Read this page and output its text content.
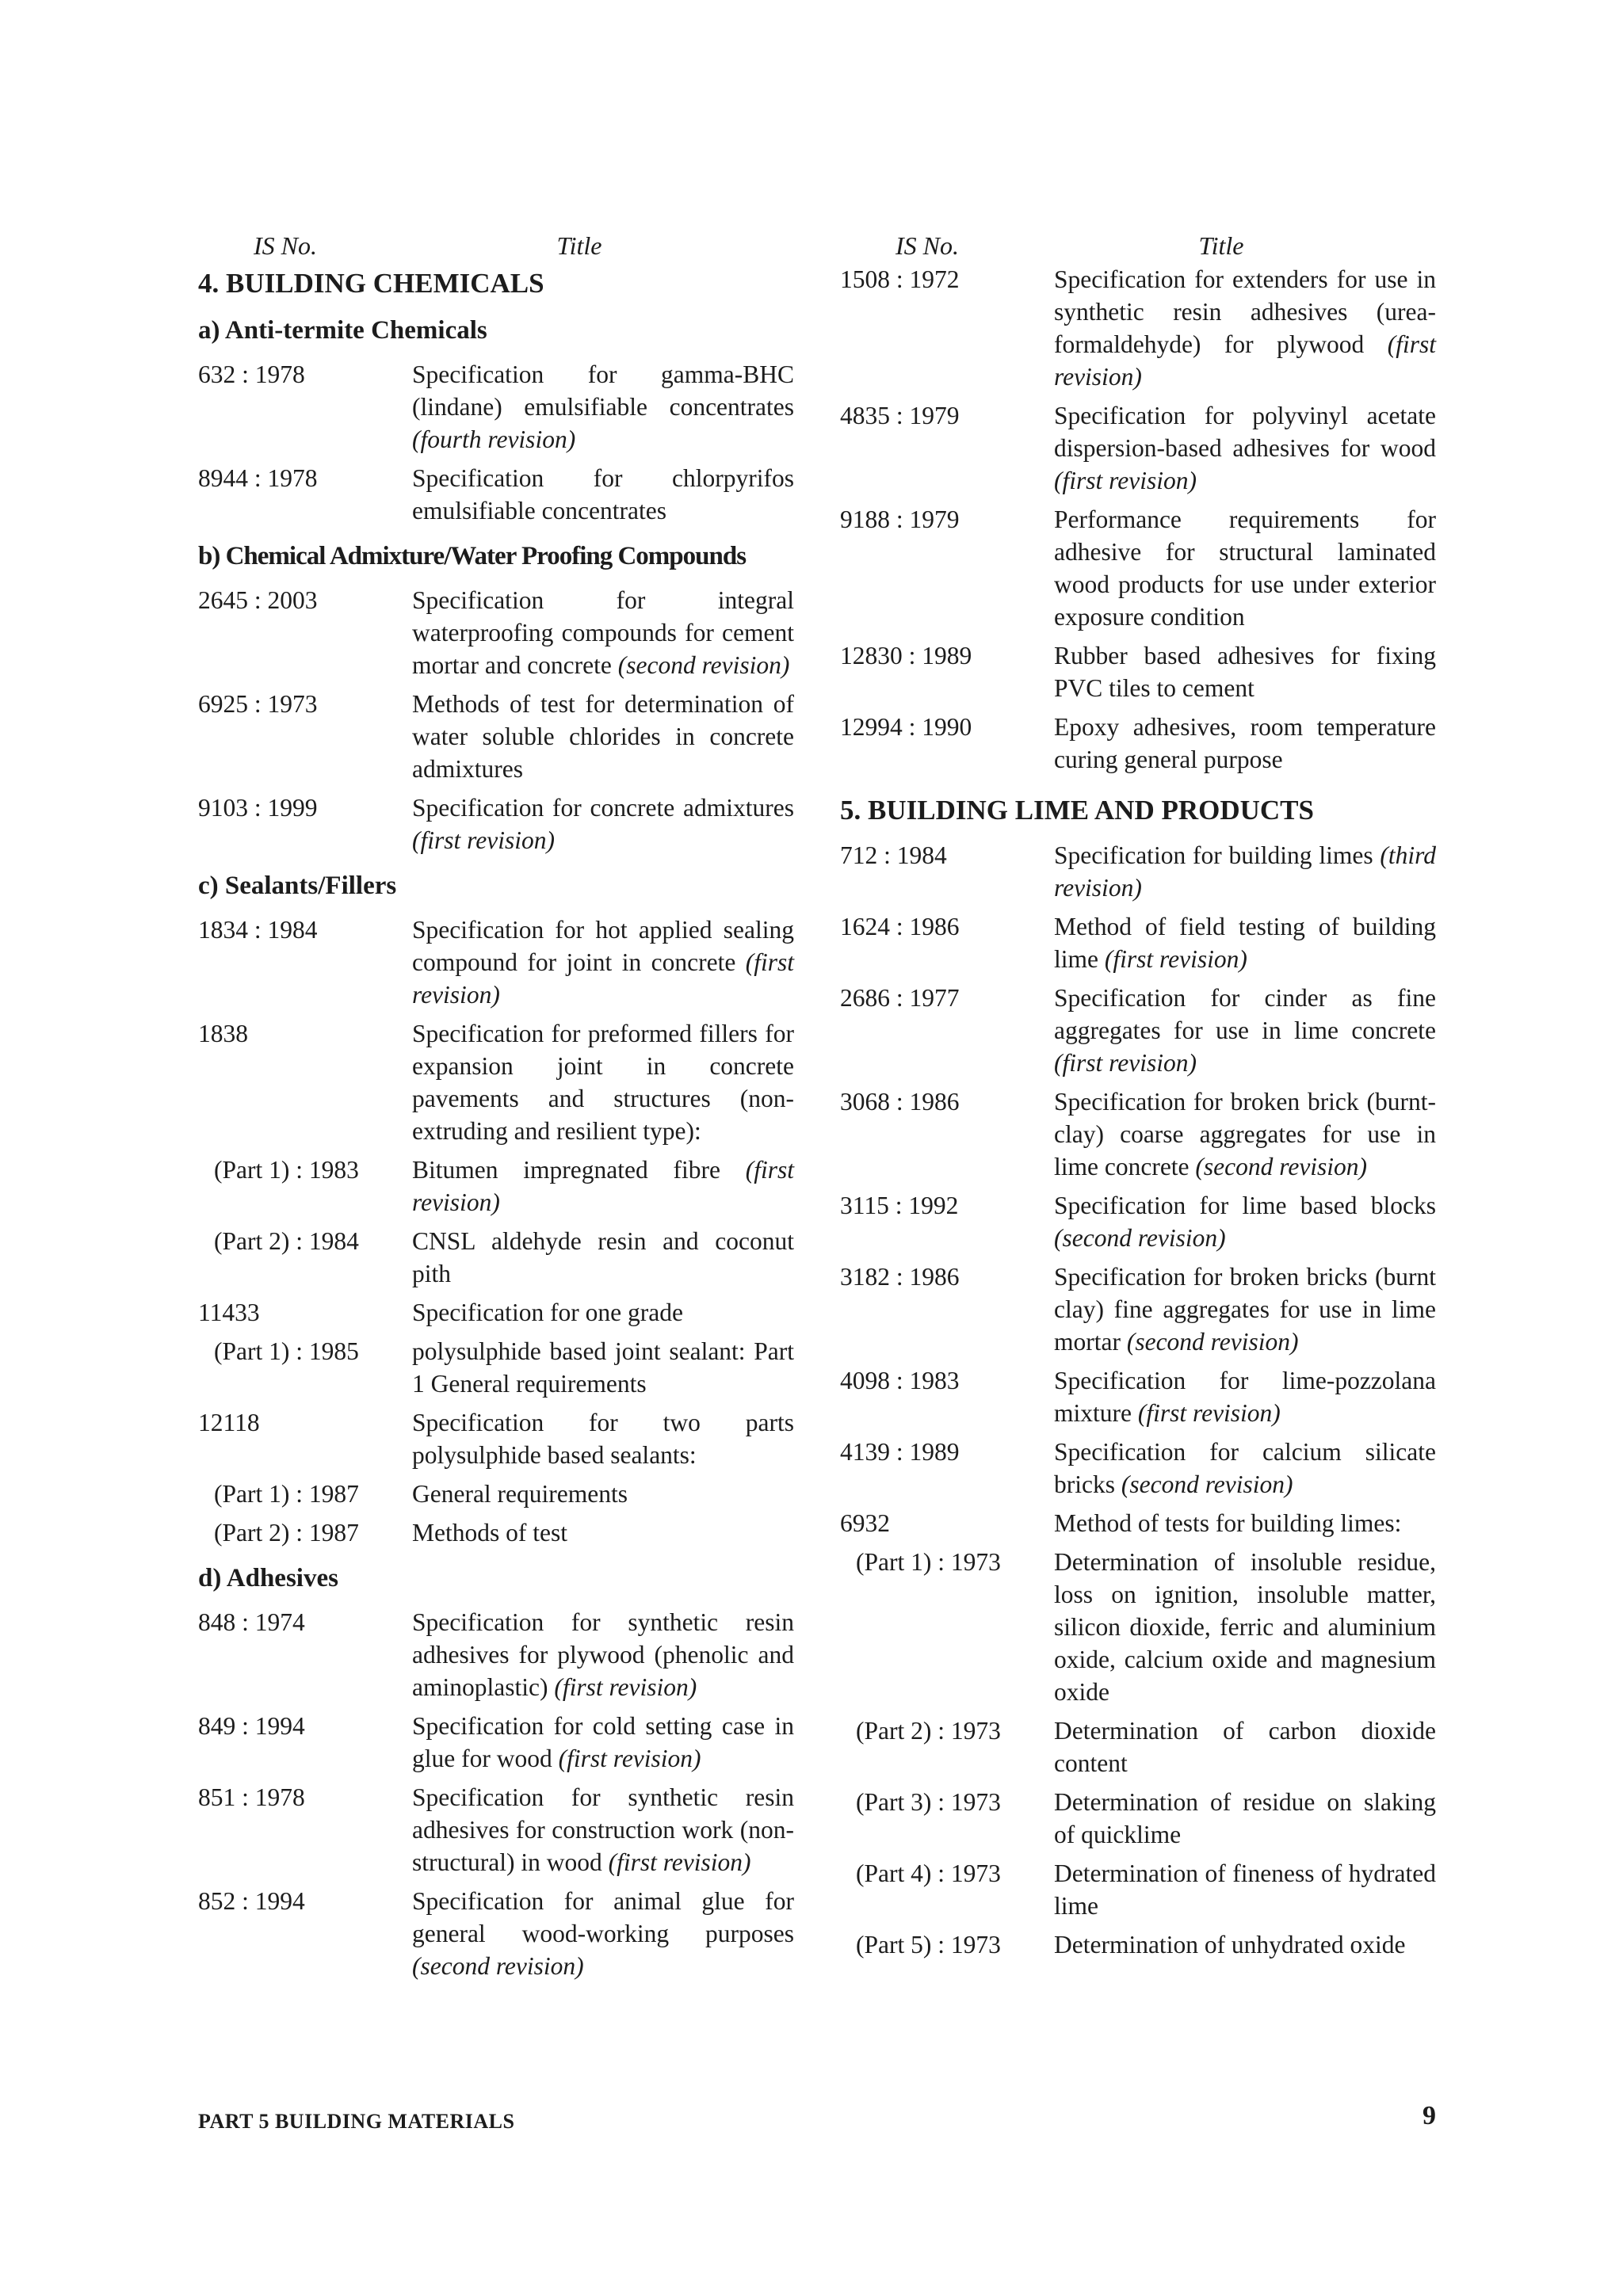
IS No.	Title
4. BUILDING CHEMICALS
a) Anti-termite Chemicals
632 : 1978	Specification for gamma-BHC (lindane) emulsifiable concentrates (fourth revision)
8944 : 1978	Specification for chlorpyrifos emulsifiable concentrates
b) Chemical Admixture/Water Proofing Compounds
2645 : 2003	Specification for integral waterproofing compounds for cement mortar and concrete (second revision)
6925 : 1973	Methods of test for determination of water soluble chlorides in concrete admixtures
9103 : 1999	Specification for concrete admixtures (first revision)
c) Sealants/Fillers
1834 : 1984	Specification for hot applied sealing compound for joint in concrete (first revision)
1838	Specification for preformed fillers for expansion joint in concrete pavements and structures (non-extruding and resilient type):
(Part 1) : 1983	Bitumen impregnated fibre (first revision)
(Part 2) : 1984	CNSL aldehyde resin and coconut pith
11433	Specification for one grade
(Part 1) : 1985	polysulphide based joint sealant: Part 1 General requirements
12118	Specification for two parts polysulphide based sealants:
(Part 1) : 1987	General requirements
(Part 2) : 1987	Methods of test
d) Adhesives
848 : 1974	Specification for synthetic resin adhesives for plywood (phenolic and aminoplastic) (first revision)
849 : 1994	Specification for cold setting case in glue for wood (first revision)
851 : 1978	Specification for synthetic resin adhesives for construction work (non-structural) in wood (first revision)
852 : 1994	Specification for animal glue for general wood-working purposes (second revision)
IS No.	Title
1508 : 1972	Specification for extenders for use in synthetic resin adhesives (urea-formaldehyde) for plywood (first revision)
4835 : 1979	Specification for polyvinyl acetate dispersion-based adhesives for wood (first revision)
9188 : 1979	Performance requirements for adhesive for structural laminated wood products for use under exterior exposure condition
12830 : 1989	Rubber based adhesives for fixing PVC tiles to cement
12994 : 1990	Epoxy adhesives, room temperature curing general purpose
5. BUILDING LIME AND PRODUCTS
712 : 1984	Specification for building limes (third revision)
1624 : 1986	Method of field testing of building lime (first revision)
2686 : 1977	Specification for cinder as fine aggregates for use in lime concrete (first revision)
3068 : 1986	Specification for broken brick (burnt-clay) coarse aggregates for use in lime concrete (second revision)
3115 : 1992	Specification for lime based blocks (second revision)
3182 : 1986	Specification for broken bricks (burnt clay) fine aggregates for use in lime mortar (second revision)
4098 : 1983	Specification for lime-pozzolana mixture (first revision)
4139 : 1989	Specification for calcium silicate bricks (second revision)
6932	Method of tests for building limes:
(Part 1) : 1973	Determination of insoluble residue, loss on ignition, insoluble matter, silicon dioxide, ferric and aluminium oxide, calcium oxide and magnesium oxide
(Part 2) : 1973	Determination of carbon dioxide content
(Part 3) : 1973	Determination of residue on slaking of quicklime
(Part 4) : 1973	Determination of fineness of hydrated lime
(Part 5) : 1973	Determination of unhydrated oxide
PART 5 BUILDING MATERIALS	9
